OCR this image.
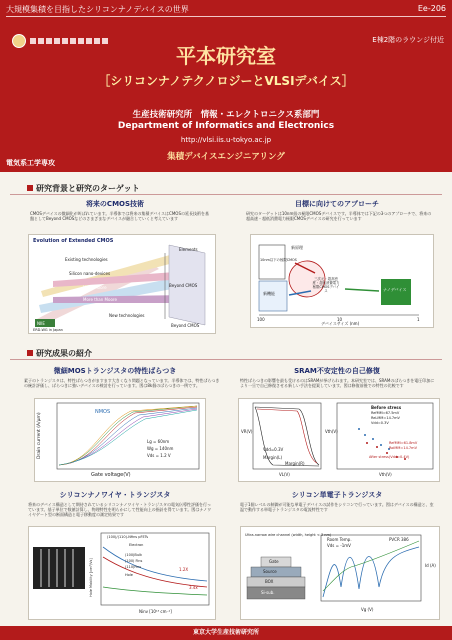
大規模集積を目指したシリコンナノデバイスの世界	Ee-206
E棟2階のラウンジ付近
平本研究室
［シリコンナノテクノロジーとVLSIデバイス］
生産技術研究所　情報・エレクトロニクス系部門
Department of Informatics and Electronics
http://vlsi.iis.u-tokyo.ac.jp
集積デバイスエンジニアリング
電気系工学専攻
研究背景と研究のターゲット
将来のCMOS技術
CMOSデバイスの微細化が叫ばれています。半導体では将来の集積デバイスはCMOSの延長技術を基盤としてBeyond CMOSなどのさまざまなデバイスが融合していくと考えています
Evolution of Extended CMOS
Elements
Existing technologies
Silicon nano-devices
More Moore	Beyond CMOS
More than Moore
New technologies
NIIE
ERD-WG in Japan
Beyond CMOS
目標に向けてのアプローチ
研究のターゲットは10nm級の極限CMOSデバイスです。半導体では下記の3つのアプローチで、将来の超高速・超低消費電力極限CMOSデバイスの研究を行っています
三次元・超高密度・超低消費電力極限CMOSデバイス
10nm以下の極限CMOS
新原理
ナノデバイス
新機能
100	10	1
デバイスサイズ (nm)
研究成果の紹介
微細MOSトランジスタの特性ばらつき
素子のトランジスタは、特性ばらつきがますます大きくなり問題となっています。半導体では、特性ばらつきの統計評価し、ばらつきに強いデバイスの検討を行っています。図は8k個のばらつきの一例です。
NMOS
Lg = 60nm
Wg = 140nm
Vds = 1.2 V
Gate voltage(V)
Drain current (A/μm)
SRAM不安定性の自己修復
特性ばらつきの影響を最も受けるのはSRAMが挙げられます。本研究室では、SRAMのばらつきを電圧印加により一旦で自己修復させる新しい手法を提案しています。図は修復前後での特性の比較です
Before stress
RefMM=67.5mV
ReLMM=14.7mV
Vdd=0.3V
After stress(Vdd=0.4V)
RefMM=61.8mV
RoiMM=14.7mV
Vdd=0.3V
Margin(L)
Margin(R)
VL(V)
VR(V)
Vth(V)
Vth(V)
シリコンナノワイヤ・トランジスタ
将来のデバイス構造として期待されているシリコンナノワイヤ・トランジスタの電気伝導性評価を行っています。基子単位で数値計算し、物理特性を明らかにして性能向上の指針を得ています。図はナノワイヤゲート型の断面構造と電子移動度の測定結果です
(100)/(110)-Nfins pFETs
Electron
(100)Bulk
(100) Fins
(110)Fins
Hole
Hole Mobility [cm²/Vs]	1.2X
3.4x
Ninv [10¹³ cm⁻²]
シリコン単電子トランジスタ
電子1個レベルの制御が可能な単電子デバイスの試作をシリコンで行っています。図はデバイスの構造と、室温で動作する単電子トランジスタの電流特性です
Ultra-narrow wire channel (width, height < 3 nm)
Gate
Source
BOX
Si-sub.
Room Temp.
Vds = -1mV
PVCR 386
Vg (V)
Id (A)
東京大学生産技術研究所
